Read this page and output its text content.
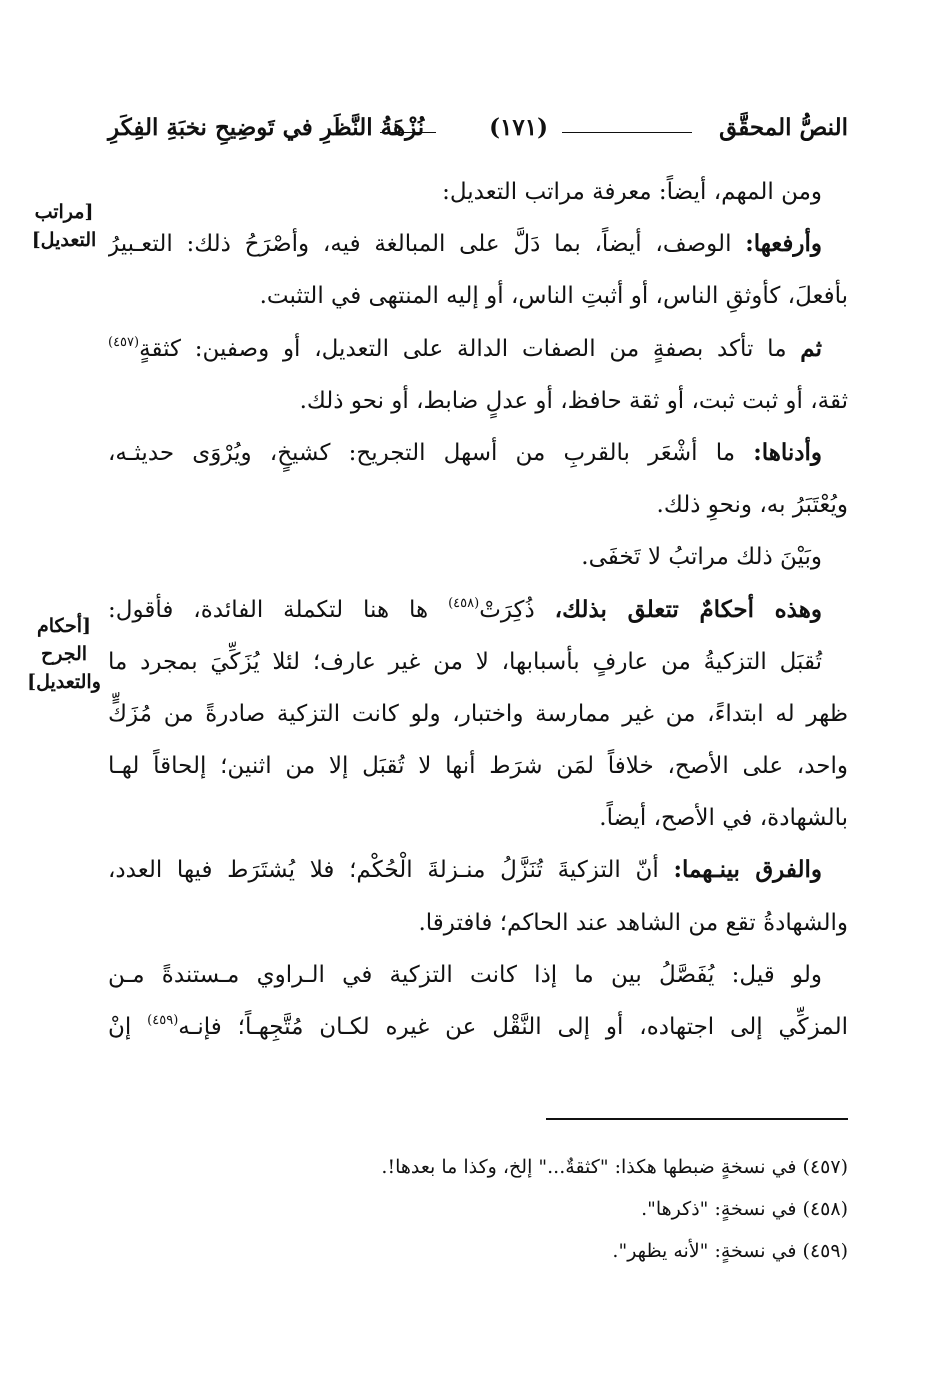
النصُّ المحقَّق
(١٧١)
نُزْهَةُ النَّظَرِ في تَوضِيحِ نخبَةِ الفِكَرِ
[مراتب
التعديل]
[أحكام
الجرح
والتعديل]
ومن المهم، أيضاً: معرفة مراتب التعديل:
وأرفعها: الوصف، أيضاً، بما دَلَّ على المبالغة فيه، وأصْرَحُ ذلك: التعـبيرُ
بأفعلَ، كأوثقِ الناس، أو أثبتِ الناس، أو إليه المنتهى في التثبت.
ثم ما تأكد بصفةٍ من الصفات الدالة على التعديل، أو وصفين: كثقةٍ$^{(٤٥٧)}$
ثقة، أو ثبت ثبت، أو ثقة حافظ، أو عدلٍ ضابط، أو نحو ذلك.
وأدناها: ما أشْعَر بالقربِ من أسهل التجريح: كشيخٍ، ويُرْوَى حديثـه،
ويُعْتَبَرُ به، ونحوِ ذلك.
وبَيْنَ ذلك مراتبُ لا تَخفَى.
وهذه أحكامٌ تتعلق بذلك، ذُكِرَتْ$^{(٤٥٨)}$ ها هنا لتكملة الفائدة، فأقول:
تُقبَل التزكيةُ من عارفٍ بأسبابها، لا من غير عارف؛ لئلا يُزَكِّيَ بمجرد ما
ظهر له ابتداءً، من غير ممارسة واختبار، ولو كانت التزكية صادرةً من مُزَكٍّ
واحد، على الأصح، خلافاً لمَن شرَط أنها لا تُقبَل إلا من اثنين؛ إلحاقاً لهـا
بالشهادة، في الأصح، أيضاً.
والفرق بينـهما: أنّ التزكيةَ تُنَزَّلُ منـزلةَ الْحُكْم؛ فلا يُشتَرَط فيها العدد،
والشهادةُ تقع من الشاهد عند الحاكم؛ فافترقا.
ولو قيل: يُفَصَّلُ بين ما إذا كانت التزكية في الـراوي مـستندةً مـن
المزكِّي إلى اجتهاده، أو إلى النَّقْل عن غيره لكـان مُتَّجِهـاً؛ فإنـه$^{(٤٥٩)}$ إنْ
(٤٥٧) في نسخةٍ ضبطها هكذا: "كثقةٌ..." إلخ، وكذا ما بعدها!.
(٤٥٨) في نسخةٍ: "ذكرها".
(٤٥٩) في نسخةٍ: "لأنه يظهر".
